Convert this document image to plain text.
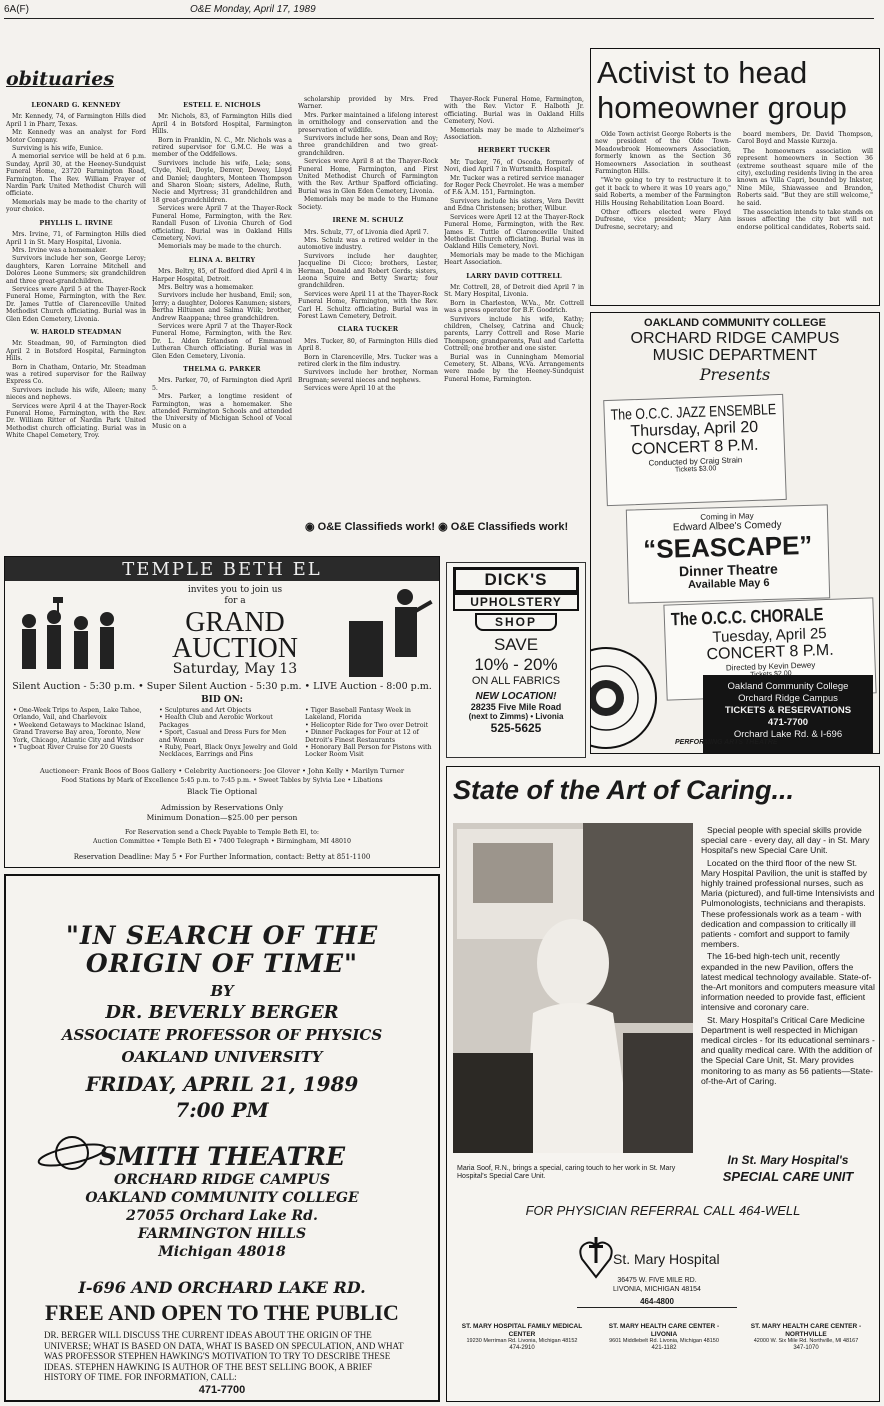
6A(F)	O&E Monday, April 17, 1989
obituaries
LEONARD G. KENNEDY

Mr. Kennedy, 74, of Farmington Hills died April 1 in Pharr, Texas.

Mr. Kennedy was an analyst for Ford Motor Company.

Surviving is his wife, Eunice.

A memorial service will be held at 6 p.m. Sunday, April 30, at the Heeney-Sundquist Funeral Home, 23720 Farmington Road, Farmington. The Rev. William Frayer of Nardin Park United Methodist Church will officiate.

Memorials may be made to the charity of your choice.

PHYLLIS L. IRVINE

Mrs. Irvine, 71, of Farmington Hills died April 1 in St. Mary Hospital, Livonia.

Mrs. Irvine was a homemaker.

Survivors include her son, George Leroy; daughters, Karen Lorraine Mitchell and Dolores Leone Summers; six grandchildren and three great-grandchildren.

Services were April 5 at the Thayer-Rock Funeral Home, Farmington, with the Rev. Dr. James Tuttle of Clarenceville United Methodist Church officiating. Burial was in Glen Eden Cemetery, Livonia.

W. HAROLD STEADMAN

Mr. Steadman, 90, of Farmington died April 2 in Botsford Hospital, Farmington Hills.

Born in Chatham, Ontario, Mr. Steadman was a retired supervisor for the Railway Express Co.

Survivors include his wife, Aileen; many nieces and nephews.

Services were April 4 at the Thayer-Rock Funeral Home, Farmington, with the Rev. Dr. William Ritter of Nardin Park United Methodist church officiating. Burial was in White Chapel Cemetery, Troy.

ESTELL E. NICHOLS

Mr. Nichols, 83, of Farmington Hills died April 4 in Botsford Hospital, Farmington Hills.

Born in Franklin, N. C., Mr. Nichols was a retired supervisor for G.M.C. He was a member of the Oddfellows.

Survivors include his wife, Lela; sons, Clyde, Neil, Doyle, Denver, Dewey, Lloyd and Daniel; daughters, Monteen Thompson and Sharon Sloan; sisters, Adeline, Ruth, Necie and Myrtress; 31 grandchildren and 18 great-grandchildren.

Services were April 7 at the Thayer-Rock Funeral Home, Farmington, with the Rev. Randall Fuson of Livonia Church of God officiating. Burial was in Oakland Hills Cemetery, Novi.

Memorials may be made to the church.

ELINA A. BELTRY

Mrs. Beltry, 85, of Redford died April 4 in Harper Hospital, Detroit.

Mrs. Beltry was a homemaker.

Survivors include her husband, Emil; son, Jerry; a daughter, Dolores Kanumen; sisters, Bertha Hiltunen and Salma Wiik; brother, Andrew Raappana; three grandchildren.

Services were April 7 at the Thayer-Rock Funeral Home, Farmington, with the Rev. Dr. L. Alden Erlandson of Emmanuel Lutheran Church officiating. Burial was in Glen Eden Cemetery, Livonia.

THELMA G. PARKER

Mrs. Parker, 70, of Farmington died April 5.

Mrs. Parker, a longtime resident of Farmington, was a homemaker. She attended Farmington Schools and attended the University of Michigan School of Vocal Music on a

scholarship provided by Mrs. Fred Warner.

Mrs. Parker maintained a lifelong interest in ornithology and conservation and the preservation of wildlife.

Survivors include her sons, Dean and Roy; three grandchildren and two great-grandchildren.

Services were April 8 at the Thayer-Rock Funeral Home, Farmington, and First United Methodist Church of Farmington with the Rev. Arthur Spafford officiating. Burial was in Glen Eden Cemetery, Livonia.

Memorials may be made to the Humane Society.

IRENE M. SCHULZ

Mrs. Schulz, 77, of Livonia died April 7.

Mrs. Schulz was a retired welder in the automotive industry.

Survivors include her daughter, Jacqueline Di Cicco; brothers, Lester, Herman, Donald and Robert Gerds; sisters, Leona Squire and Betty Swartz; four grandchildren.

Services were April 11 at the Thayer-Rock Funeral Home, Farmington, with the Rev. Carl H. Schultz officiating. Burial was in Forest Lawn Cemetery, Detroit.

CLARA TUCKER

Mrs. Tucker, 80, of Farmington Hills died April 8.

Born in Clarenceville, Mrs. Tucker was a retired clerk in the film industry.

Survivors include her brother, Norman Brugman; several nieces and nephews.

Services were April 10 at the

Thayer-Rock Funeral Home, Farmington, with the Rev. Victor F. Halboth Jr. officiating. Burial was in Oakland Hills Cemetery, Novi.

Memorials may be made to Alzheimer's Association.

HERBERT TUCKER

Mr. Tucker, 76, of Oscoda, formerly of Novi, died April 7 in Wurtsmith Hospital.

Mr. Tucker was a retired service manager for Roger Peck Chevrolet. He was a member of F.& A.M. 151, Farmington.

Survivors include his sisters, Vera Devitt and Edna Christensen; brother, Wilbur.

Services were April 12 at the Thayer-Rock Funeral Home, Farmington, with the Rev. James E. Tuttle of Clarenceville United Methodist Church officiating. Burial was in Oakland Hills Cemetery, Novi.

Memorials may be made to the Michigan Heart Association.

LARRY DAVID COTTRELL

Mr. Cottrell, 28, of Detroit died April 7 in St. Mary Hospital, Livonia.

Born in Charleston, W.Va., Mr. Cottrell was a press operator for B.F. Goodrich.

Survivors include his wife, Kathy; children, Chelsey, Catrina and Chuck; parents, Larry Cottrell and Rose Marie Thompson; grandparents, Paul and Carletta Cottrell; one brother and one sister.

Burial was in Cunningham Memorial Cemetery, St. Albans, W.Va. Arrangements were made by the Heeney-Sundquist Funeral Home, Farmington.

◉ O&E Classifieds work! ◉ O&E Classifieds work!
Activist to head homeowner group

Olde Town activist George Roberts is the new president of the Olde Town-Meadowbrook Homeowners Association, formerly known as the Section 36 Homeowners Association in southeast Farmington Hills.

"We're going to try to restructure it to get it back to where it was 10 years ago," said Roberts, a member of the Farmington Hills Housing Rehabilitation Loan Board.

Other officers elected were Floyd Dufresne, vice president; Mary Ann Dufresne, secretary; and

board members, Dr. David Thompson, Carol Boyd and Massie Kurzeja.

The homeowners association will represent homeowners in Section 36 (extreme southeast square mile of the city), excluding residents living in the area known as Villa Capri, bounded by Inkster, Nine Mile, Shiawassee and Brandon, Roberts said. "But they are still welcome," he said.

The association intends to take stands on issues affecting the city but will not endorse political candidates, Roberts said.

OAKLAND COMMUNITY COLLEGE
ORCHARD RIDGE CAMPUS
MUSIC DEPARTMENT
Presents
The O.C.C. JAZZ ENSEMBLE
Thursday, April 20
CONCERT 8 P.M.
Conducted by Craig Strain
Tickets $3.00
Coming in May
Edward Albee's Comedy
“SEASCAPE”
Dinner Theatre
Available May 6
The O.C.C. CHORALE
Tuesday, April 25
CONCERT 8 P.M.
Directed by Kevin Dewey
Oakland Community College
Orchard Ridge Campus
TICKETS & RESERVATIONS
471-7700
Orchard Lake Rd. & I-696
PERFORMING ARTS THEATRE
TEMPLE BETH EL
invites you to join us
for a
GRAND
AUCTION
Saturday, May 13
Silent Auction - 5:30 p.m. • Super Silent Auction - 5:30 p.m. • LIVE Auction - 8:00 p.m.
BID ON:
• One-Week Trips to Aspen, Lake Tahoe, Orlando, Vail, and Charlevoix
• Weekend Getaways to Mackinac Island, Grand Traverse Bay area, Toronto, New York, Chicago, Atlantic City and Windsor
• Tugboat River Cruise for 20 Guests
• Sculptures and Art Objects
• Health Club and Aerobic Workout Packages
• Sport, Casual and Dress Furs for Men and Women
• Ruby, Pearl, Black Onyx Jewelry and Gold Necklaces, Earrings and Pins
• Tiger Baseball Fantasy Week in Lakeland, Florida
• Helicopter Ride for Two over Detroit
• Dinner Packages for Four at 12 of Detroit's Finest Restaurants
• Honorary Ball Person for Pistons with Locker Room Visit
Auctioneer: Frank Boos of Boos Gallery • Celebrity Auctioneers: Joe Glover • John Kelly • Marilyn Turner
Food Stations by Mark of Excellence 5:45 p.m. to 7:45 p.m. • Sweet Tables by Sylvia Lee • Libations
Black Tie Optional
Admission by Reservations Only
Minimum Donation—$25.00 per person
For Reservation send a Check Payable to Temple Beth El, to:
Auction Committee • Temple Beth El • 7400 Telegraph • Birmingham, MI 48010
Reservation Deadline: May 5 • For Further Information, contact: Betty at 851-1100
DICK'S
UPHOLSTERY
SHOP
SAVE
10% - 20%
ON ALL FABRICS
NEW LOCATION!
28235 Five Mile Road
(next to Zimms) • Livonia
525-5625
"IN SEARCH OF THE ORIGIN OF TIME"
BY
DR. BEVERLY BERGER
ASSOCIATE PROFESSOR OF PHYSICS
OAKLAND UNIVERSITY
FRIDAY, APRIL 21, 1989
7:00 PM
SMITH THEATRE
ORCHARD RIDGE CAMPUS
OAKLAND COMMUNITY COLLEGE
27055 Orchard Lake Rd.
FARMINGTON HILLS
Michigan 48018
I-696 AND ORCHARD LAKE RD.
FREE AND OPEN TO THE PUBLIC
DR. BERGER WILL DISCUSS THE CURRENT IDEAS ABOUT THE ORIGIN OF THE UNIVERSE; WHAT IS BASED ON DATA, WHAT IS BASED ON SPECULATION, AND WHAT WAS PROFESSOR STEPHEN HAWKING'S MOTIVATION TO TRY TO DESCRIBE THESE IDEAS. STEPHEN HAWKING IS AUTHOR OF THE BEST SELLING BOOK, A BRIEF HISTORY OF TIME. FOR INFORMATION, CALL:
471-7700
State of the Art of Caring...
Maria Soof, R.N., brings a special, caring touch to her work in St. Mary Hospital's Special Care Unit.

Special people with special skills provide special care - every day, all day - in St. Mary Hospital's new Special Care Unit.

Located on the third floor of the new St. Mary Hospital Pavilion, the unit is staffed by highly trained professional nurses, such as Maria (pictured), and full-time Intensivists and Pulmonologists, technicians and therapists. These professionals work as a team - with dedication and compassion to critically ill patients - comfort and support to family members.

The 16-bed high-tech unit, recently expanded in the new Pavilion, offers the latest medical technology available. State-of-the-Art monitors and computers measure vital information needed to provide fast, efficient intensive and coronary care.

St. Mary Hospital's Critical Care Medicine Department is well respected in Michigan medical circles - for its educational seminars - and quality medical care. With the addition of the Special Care Unit, St. Mary provides monitoring to as many as 56 patients—State-of-the-Art of Caring.

In St. Mary Hospital's
SPECIAL CARE UNIT
FOR PHYSICIAN REFERRAL CALL 464-WELL
St. Mary Hospital
36475 W. FIVE MILE RD.
LIVONIA, MICHIGAN 48154
464-4800
ST. MARY HOSPITAL FAMILY MEDICAL CENTER
19230 Merriman Rd. Livonia, Michigan 48152
474-2910
ST. MARY HEALTH CARE CENTER - LIVONIA
9601 Middlebelt Rd. Livonia, Michigan 48150
421-1182
ST. MARY HEALTH CARE CENTER - NORTHVILLE
42000 W. Six Mile Rd. Northville, MI 48167
347-1070
